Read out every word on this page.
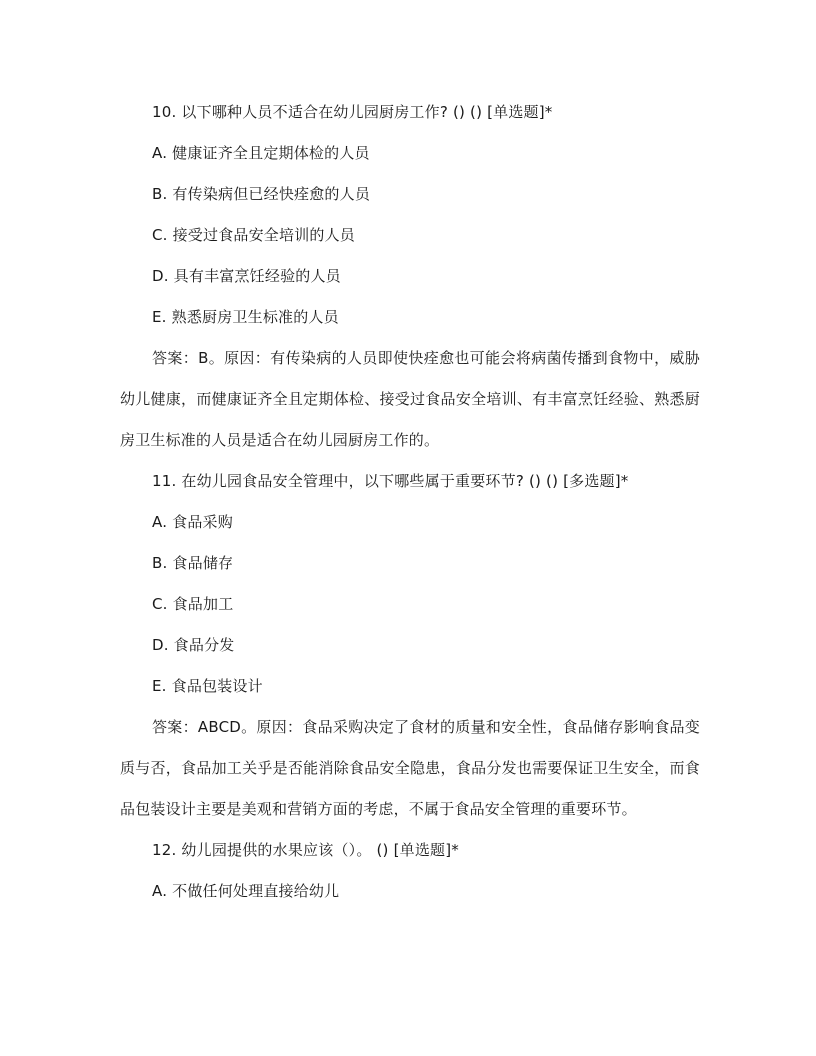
10. 以下哪种人员不适合在幼儿园厨房工作? () () [单选题]*

A. 健康证齐全且定期体检的人员

B. 有传染病但已经快痊愈的人员

C. 接受过食品安全培训的人员

D. 具有丰富烹饪经验的人员

E. 熟悉厨房卫生标准的人员

答案：B。原因：有传染病的人员即使快痊愈也可能会将病菌传播到食物中，威胁幼儿健康，而健康证齐全且定期体检、接受过食品安全培训、有丰富烹饪经验、熟悉厨房卫生标准的人员是适合在幼儿园厨房工作的。

11. 在幼儿园食品安全管理中，以下哪些属于重要环节? () () [多选题]*

A. 食品采购

B. 食品储存

C. 食品加工

D. 食品分发

E. 食品包装设计

答案：ABCD。原因：食品采购决定了食材的质量和安全性，食品储存影响食品变质与否，食品加工关乎是否能消除食品安全隐患，食品分发也需要保证卫生安全，而食品包装设计主要是美观和营销方面的考虑，不属于食品安全管理的重要环节。

12. 幼儿园提供的水果应该（）。 () [单选题]*

A. 不做任何处理直接给幼儿
